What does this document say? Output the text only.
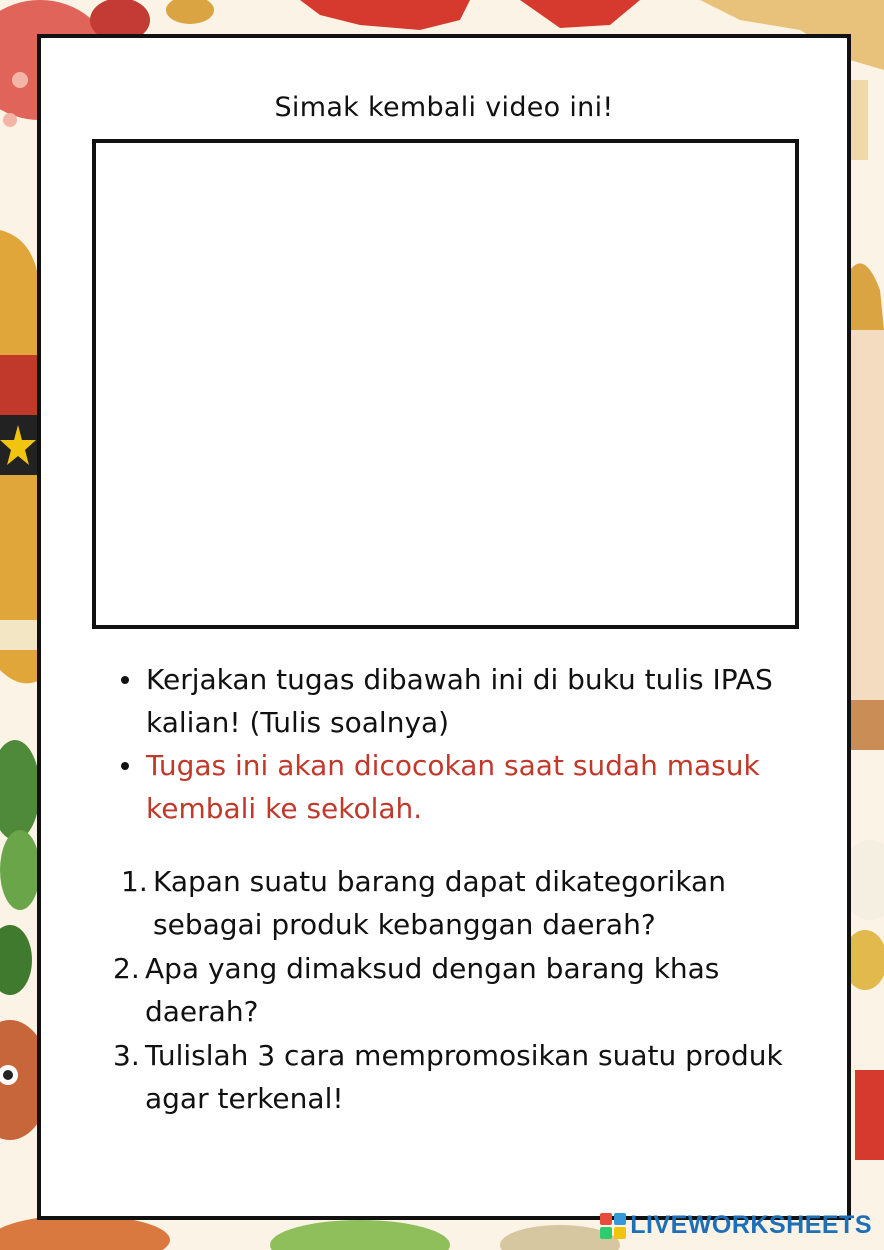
Simak kembali video ini!
Kerjakan tugas dibawah ini di buku tulis IPAS kalian! (Tulis soalnya)
Tugas ini akan dicocokan saat sudah masuk kembali ke sekolah.
1. Kapan suatu barang dapat dikategorikan sebagai produk kebanggan daerah?
2. Apa yang dimaksud dengan barang khas daerah?
3. Tulislah 3 cara mempromosikan suatu produk agar terkenal!
LIVEWORKSHEETS
